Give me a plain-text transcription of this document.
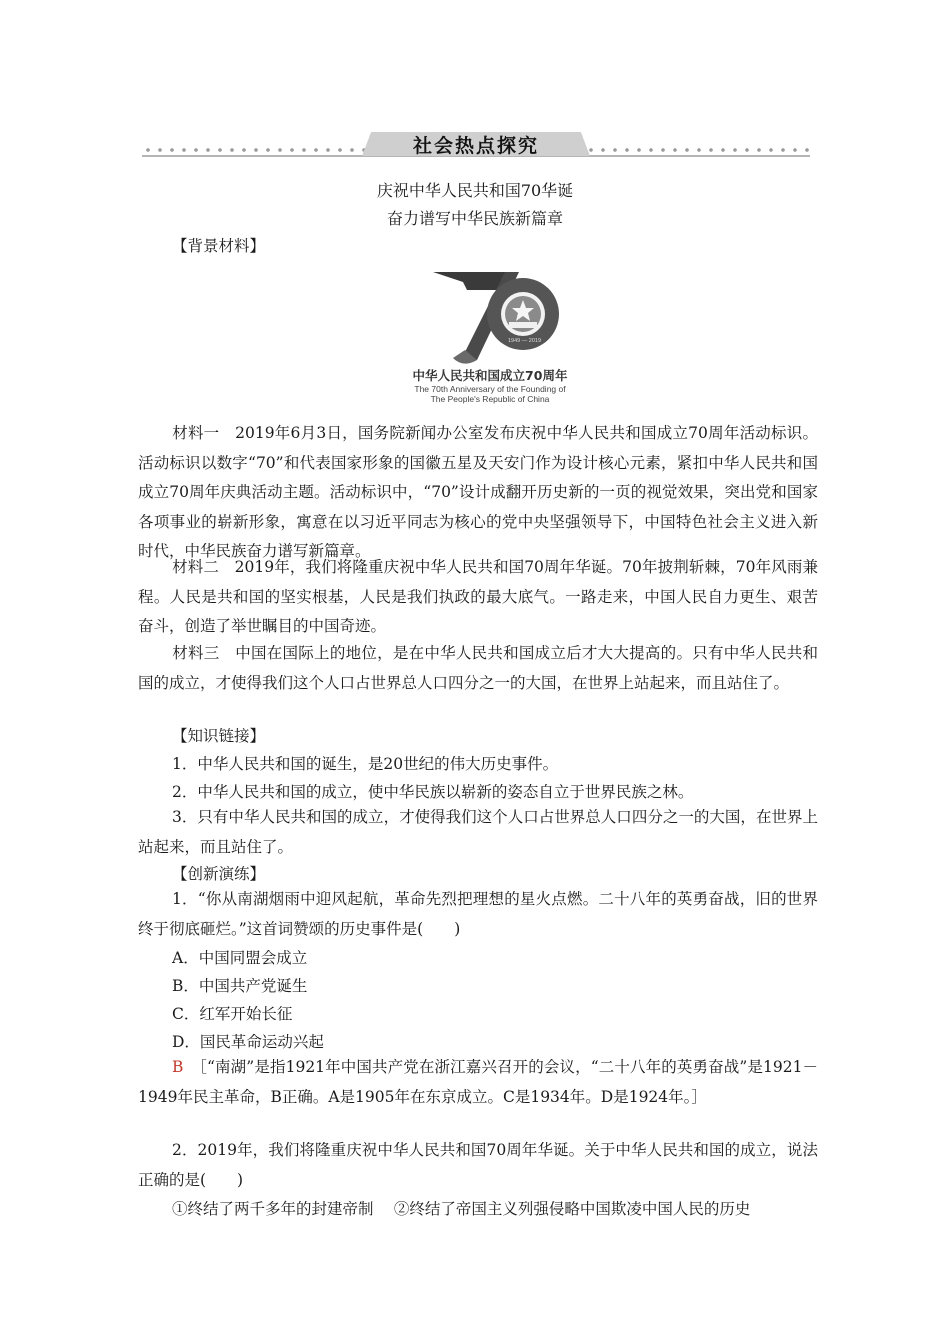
社会热点探究
庆祝中华人民共和国70华诞
奋力谱写中华民族新篇章
【背景材料】
1949 — 2019
中华人民共和国成立70周年
The 70th Anniversary of the Founding of
The People's Republic of China

材料一　2019年6月3日，国务院新闻办公室发布庆祝中华人民共和国成立70周年活动标识。活动标识以数字“70”和代表国家形象的国徽五星及天安门作为设计核心元素，紧扣中华人民共和国成立70周年庆典活动主题。活动标识中，“70”设计成翻开历史新的一页的视觉效果，突出党和国家各项事业的崭新形象，寓意在以习近平同志为核心的党中央坚强领导下，中国特色社会主义进入新时代，中华民族奋力谱写新篇章。

材料二　2019年，我们将隆重庆祝中华人民共和国70周年华诞。70年披荆斩棘，70年风雨兼程。人民是共和国的坚实根基，人民是我们执政的最大底气。一路走来，中国人民自力更生、艰苦奋斗，创造了举世瞩目的中国奇迹。

材料三　中国在国际上的地位，是在中华人民共和国成立后才大大提高的。只有中华人民共和国的成立，才使得我们这个人口占世界总人口四分之一的大国，在世界上站起来，而且站住了。

【知识链接】
1．中华人民共和国的诞生，是20世纪的伟大历史事件。
2．中华人民共和国的成立，使中华民族以崭新的姿态自立于世界民族之林。

3．只有中华人民共和国的成立，才使得我们这个人口占世界总人口四分之一的大国，在世界上站起来，而且站住了。

【创新演练】

1．“你从南湖烟雨中迎风起航，革命先烈把理想的星火点燃。二十八年的英勇奋战，旧的世界终于彻底砸烂。”这首词赞颂的历史事件是(　　)

A．中国同盟会成立
B．中国共产党诞生
C．红军开始长征
D．国民革命运动兴起

B　 ［“南湖”是指1921年中国共产党在浙江嘉兴召开的会议，“二十八年的英勇奋战”是1921－1949年民主革命，B正确。A是1905年在东京成立。C是1934年。D是1924年。］

2．2019年，我们将隆重庆祝中华人民共和国70周年华诞。关于中华人民共和国的成立，说法正确的是(　　)

①终结了两千多年的封建帝制　 ②终结了帝国主义列强侵略中国欺凌中国人民的历史
